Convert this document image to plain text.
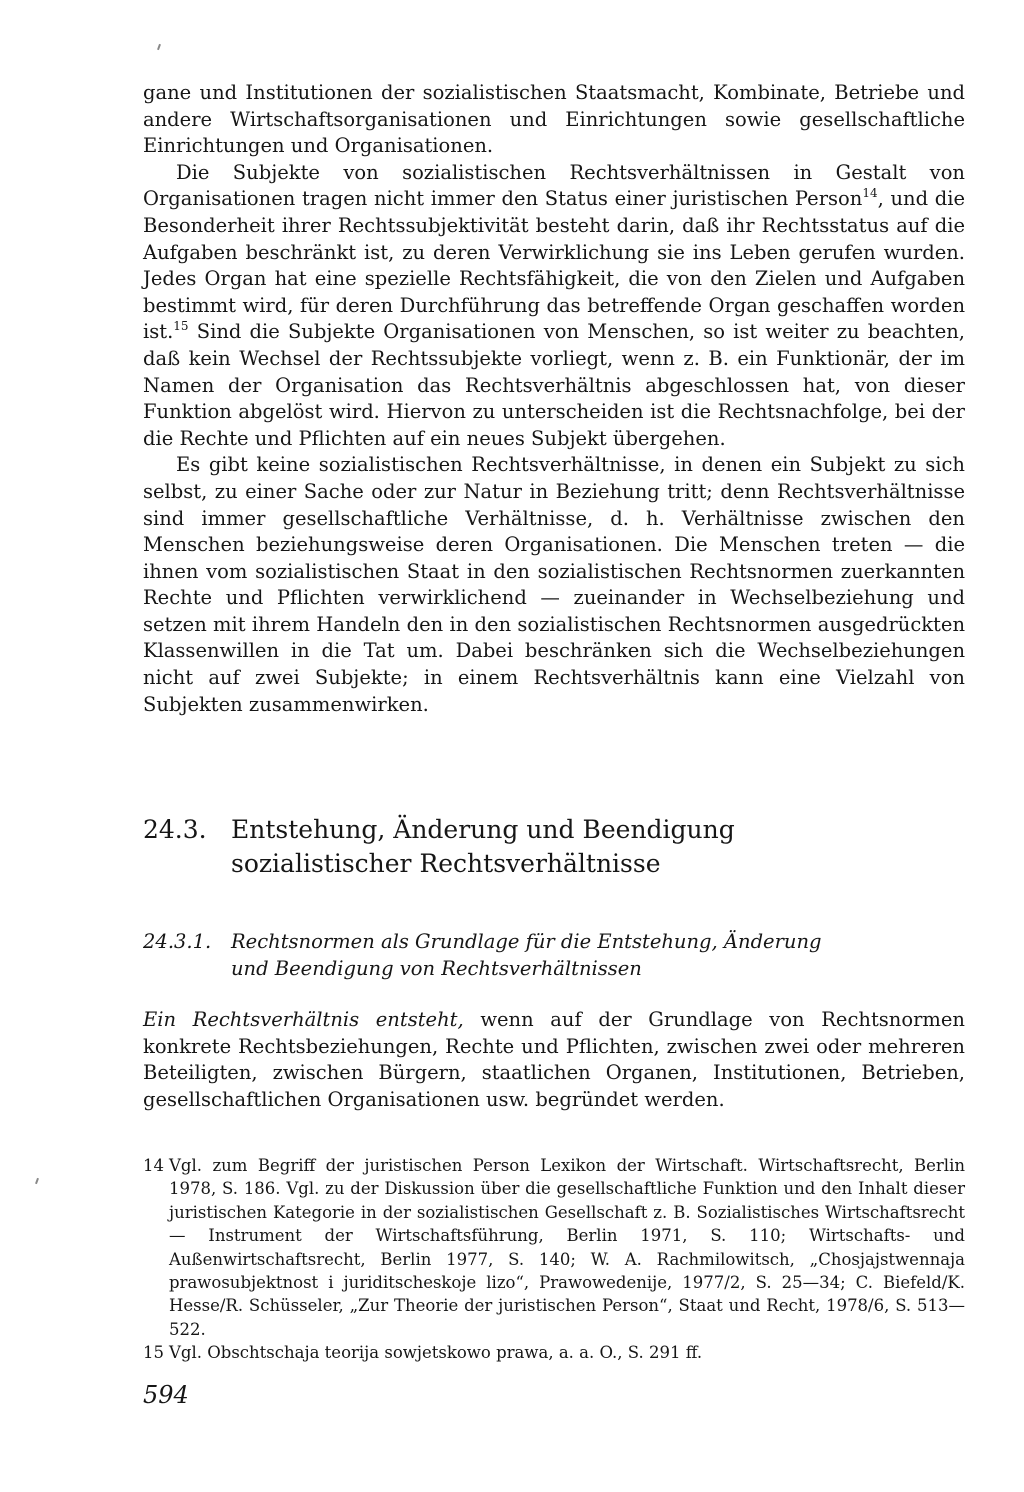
gane und Institutionen der sozialistischen Staatsmacht, Kombinate, Betriebe und andere Wirtschaftsorganisationen und Einrichtungen sowie gesellschaftliche Einrichtungen und Organisationen.

Die Subjekte von sozialistischen Rechtsverhältnissen in Gestalt von Organisationen tragen nicht immer den Status einer juristischen Person$^{14}$, und die Besonderheit ihrer Rechtssubjektivität besteht darin, daß ihr Rechtsstatus auf die Aufgaben beschränkt ist, zu deren Verwirklichung sie ins Leben gerufen wurden. Jedes Organ hat eine spezielle Rechtsfähigkeit, die von den Zielen und Aufgaben bestimmt wird, für deren Durchführung das betreffende Organ geschaffen worden ist.$^{15}$ Sind die Subjekte Organisationen von Menschen, so ist weiter zu beachten, daß kein Wechsel der Rechtssubjekte vorliegt, wenn z. B. ein Funktionär, der im Namen der Organisation das Rechtsverhältnis abgeschlossen hat, von dieser Funktion abgelöst wird. Hiervon zu unterscheiden ist die Rechtsnachfolge, bei der die Rechte und Pflichten auf ein neues Subjekt übergehen.

Es gibt keine sozialistischen Rechtsverhältnisse, in denen ein Subjekt zu sich selbst, zu einer Sache oder zur Natur in Beziehung tritt; denn Rechtsverhältnisse sind immer gesellschaftliche Verhältnisse, d. h. Verhältnisse zwischen den Menschen beziehungsweise deren Organisationen. Die Menschen treten — die ihnen vom sozialistischen Staat in den sozialistischen Rechtsnormen zuerkannten Rechte und Pflichten verwirklichend — zueinander in Wechselbeziehung und setzen mit ihrem Handeln den in den sozialistischen Rechtsnormen ausgedrückten Klassenwillen in die Tat um. Dabei beschränken sich die Wechselbeziehungen nicht auf zwei Subjekte; in einem Rechtsverhältnis kann eine Vielzahl von Subjekten zusammenwirken.

24.3. Entstehung, Änderung und Beendigung
sozialistischer Rechtsverhältnisse
24.3.1. Rechtsnormen als Grundlage für die Entstehung, Änderung
und Beendigung von Rechtsverhältnissen

Ein Rechtsverhältnis entsteht, wenn auf der Grundlage von Rechtsnormen konkrete Rechtsbeziehungen, Rechte und Pflichten, zwischen zwei oder mehreren Beteiligten, zwischen Bürgern, staatlichen Organen, Institutionen, Betrieben, gesellschaftlichen Organisationen usw. begründet werden.

14 Vgl. zum Begriff der juristischen Person Lexikon der Wirtschaft. Wirtschaftsrecht, Berlin 1978, S. 186. Vgl. zu der Diskussion über die gesellschaftliche Funktion und den Inhalt dieser juristischen Kategorie in der sozialistischen Gesellschaft z. B. Sozialistisches Wirtschaftsrecht — Instrument der Wirtschaftsführung, Berlin 1971, S. 110; Wirtschafts- und Außenwirtschaftsrecht, Berlin 1977, S. 140; W. A. Rachmilowitsch, „Chosjajstwennaja prawosubjektnost i juriditscheskoje lizo“, Prawowedenije, 1977/2, S. 25—34; C. Biefeld/K. Hesse/R. Schüsseler, „Zur Theorie der juristischen Person“, Staat und Recht, 1978/6, S. 513—522.
15 Vgl. Obschtschaja teorija sowjetskowo prawa, a. a. O., S. 291 ff.
594
